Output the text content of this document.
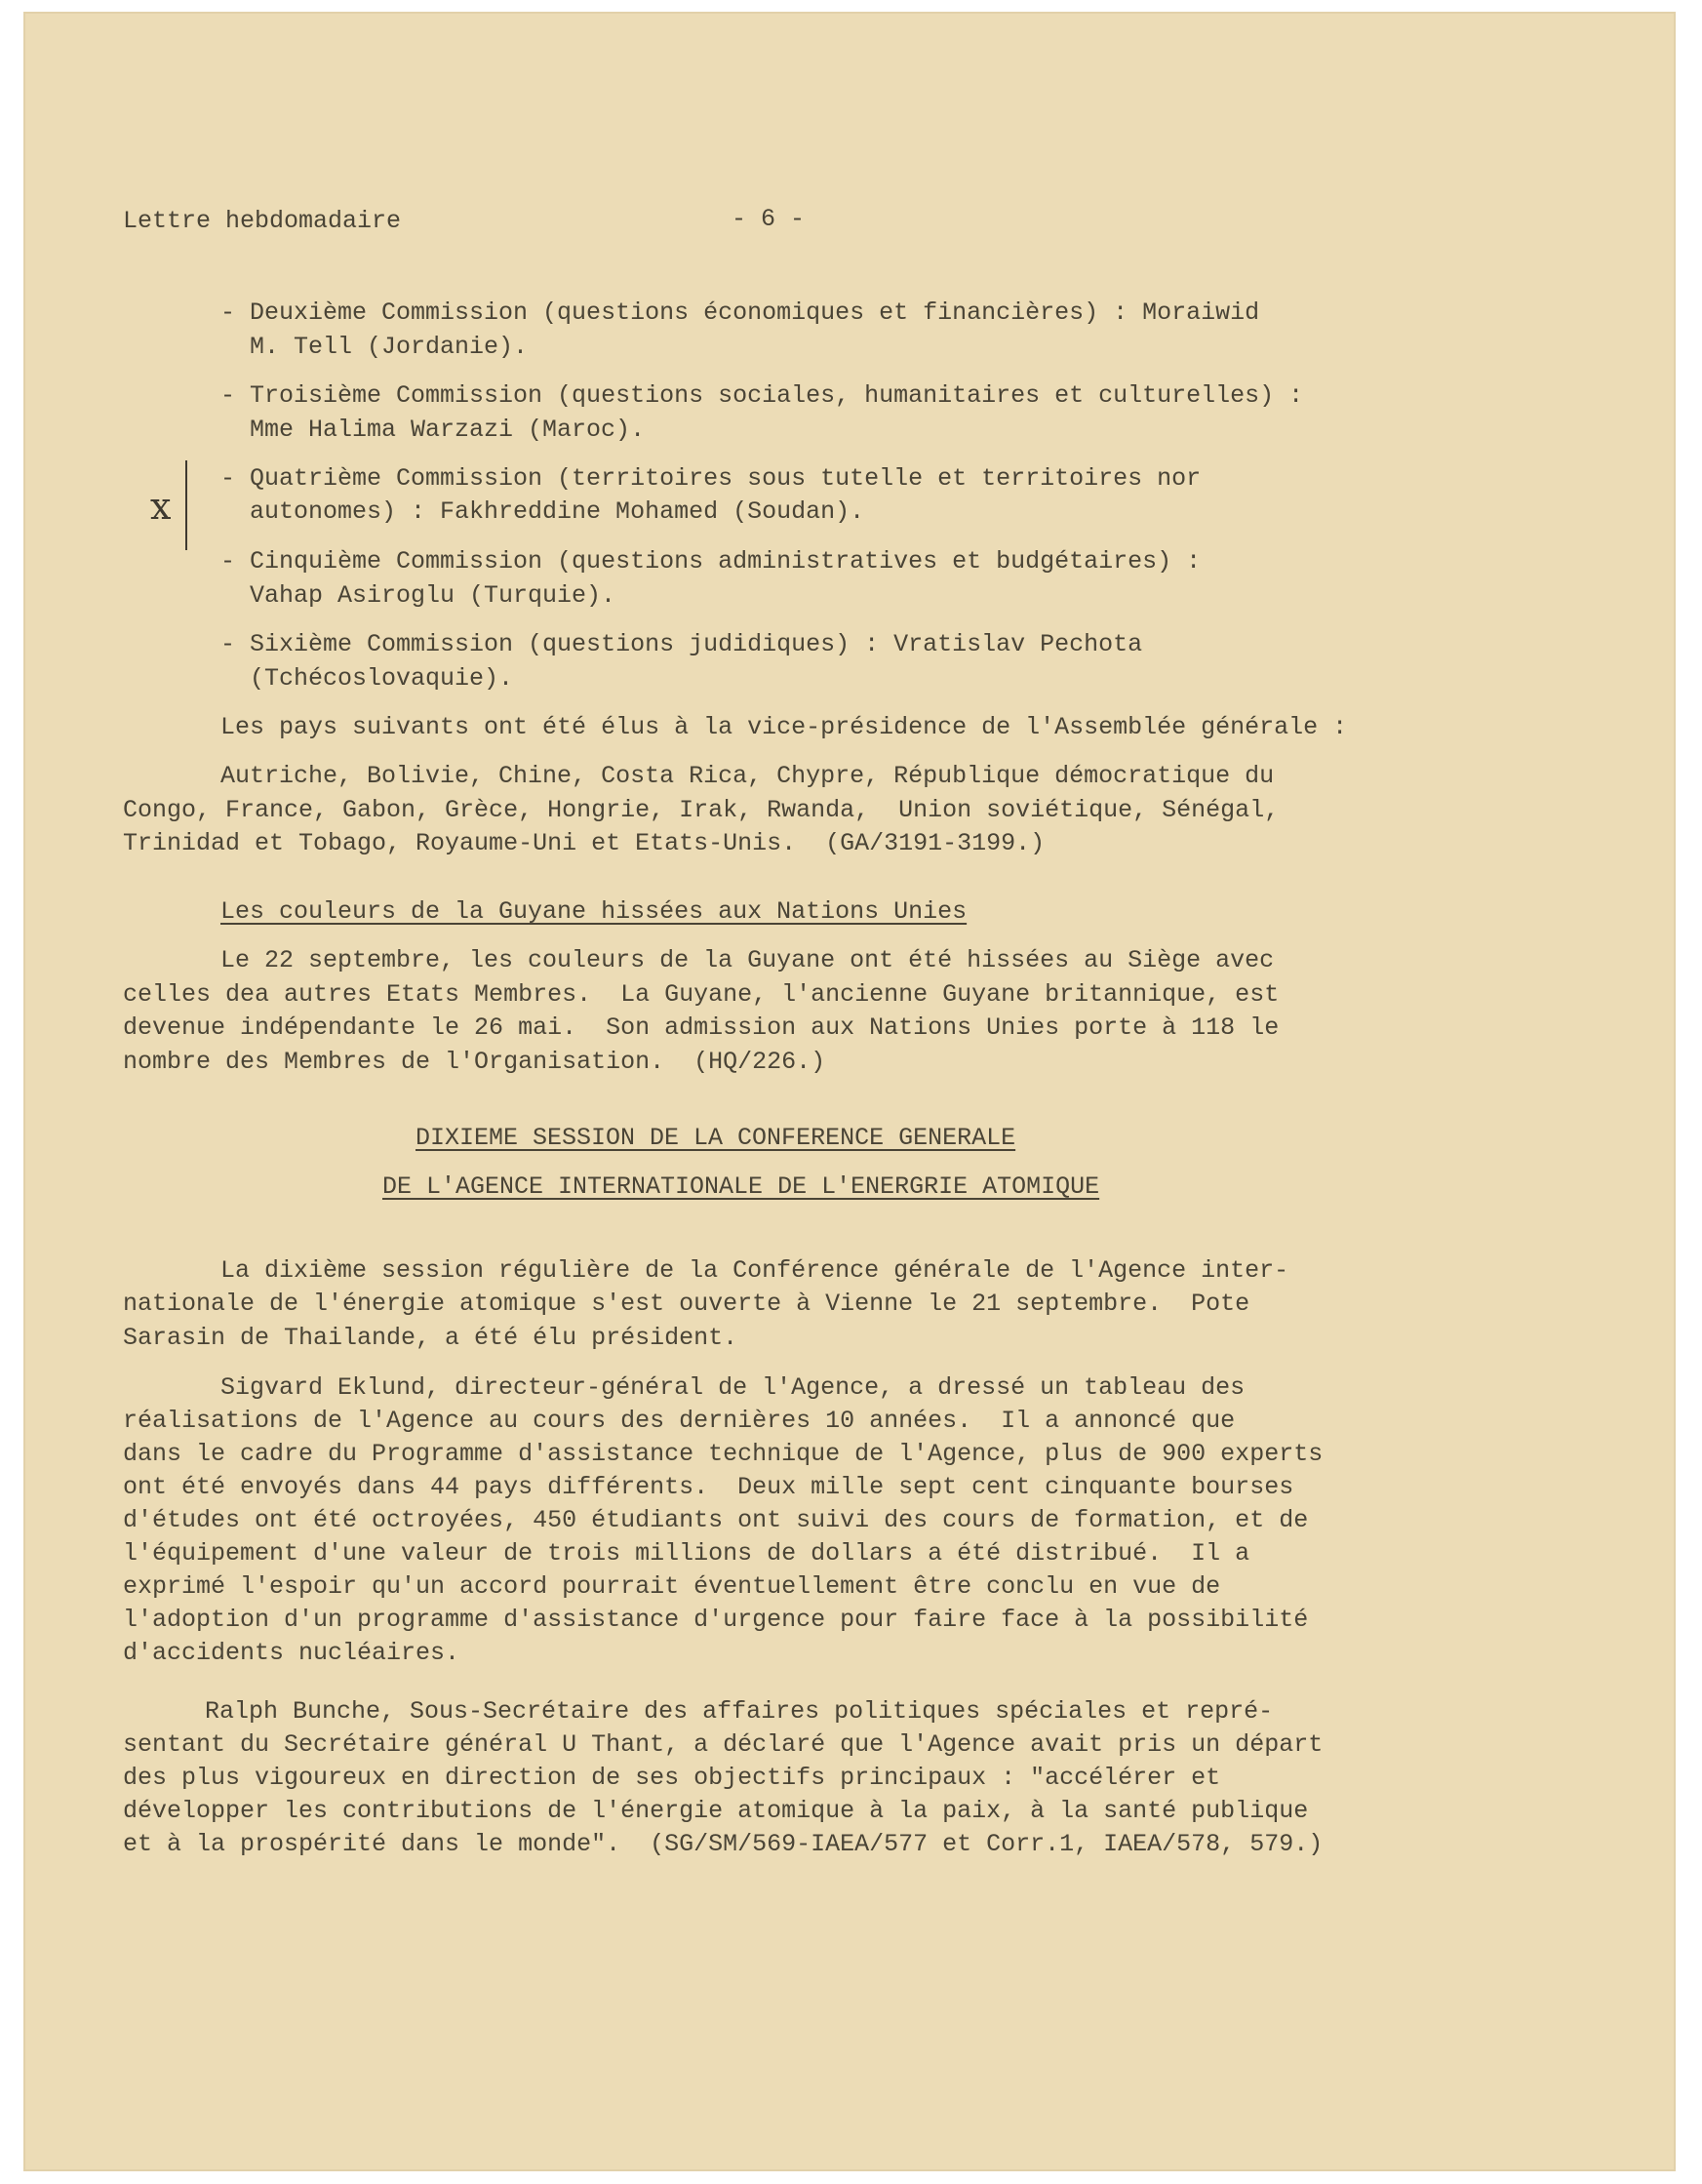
Lettre hebdomadaire	- 6 -

- Deuxième Commission (questions économiques et financières) : Moraiwid

M. Tell (Jordanie).

- Troisième Commission (questions sociales, humanitaires et culturelles) :

Mme Halima Warzazi (Maroc).

- Quatrième Commission (territoires sous tutelle et territoires nor

autonomes) : Fakhreddine Mohamed (Soudan).

- Cinquième Commission (questions administratives et budgétaires) :

Vahap Asiroglu (Turquie).

- Sixième Commission (questions judidiques) : Vratislav Pechota

(Tchécoslovaquie).

x

Les pays suivants ont été élus à la vice-présidence de l'Assemblée générale :

Autriche, Bolivie, Chine, Costa Rica, Chypre, République démocratique du

Congo, France, Gabon, Grèce, Hongrie, Irak, Rwanda,  Union soviétique, Sénégal,

Trinidad et Tobago, Royaume-Uni et Etats-Unis.  (GA/3191-3199.)

Les couleurs de la Guyane hissées aux Nations Unies

Le 22 septembre, les couleurs de la Guyane ont été hissées au Siège avec

celles dea autres Etats Membres.  La Guyane, l'ancienne Guyane britannique, est

devenue indépendante le 26 mai.  Son admission aux Nations Unies porte à 118 le

nombre des Membres de l'Organisation.  (HQ/226.)

DIXIEME SESSION DE LA CONFERENCE GENERALE

DE L'AGENCE INTERNATIONALE DE L'ENERGRIE ATOMIQUE

La dixième session régulière de la Conférence générale de l'Agence inter-

nationale de l'énergie atomique s'est ouverte à Vienne le 21 septembre.  Pote

Sarasin de Thailande, a été élu président.

Sigvard Eklund, directeur-général de l'Agence, a dressé un tableau des

réalisations de l'Agence au cours des dernières 10 années.  Il a annoncé que

dans le cadre du Programme d'assistance technique de l'Agence, plus de 900 experts

ont été envoyés dans 44 pays différents.  Deux mille sept cent cinquante bourses

d'études ont été octroyées, 450 étudiants ont suivi des cours de formation, et de

l'équipement d'une valeur de trois millions de dollars a été distribué.  Il a

exprimé l'espoir qu'un accord pourrait éventuellement être conclu en vue de

l'adoption d'un programme d'assistance d'urgence pour faire face à la possibilité

d'accidents nucléaires.

Ralph Bunche, Sous-Secrétaire des affaires politiques spéciales et repré-

sentant du Secrétaire général U Thant, a déclaré que l'Agence avait pris un départ

des plus vigoureux en direction de ses objectifs principaux : "accélérer et

développer les contributions de l'énergie atomique à la paix, à la santé publique

et à la prospérité dans le monde".  (SG/SM/569-IAEA/577 et Corr.1, IAEA/578, 579.)
